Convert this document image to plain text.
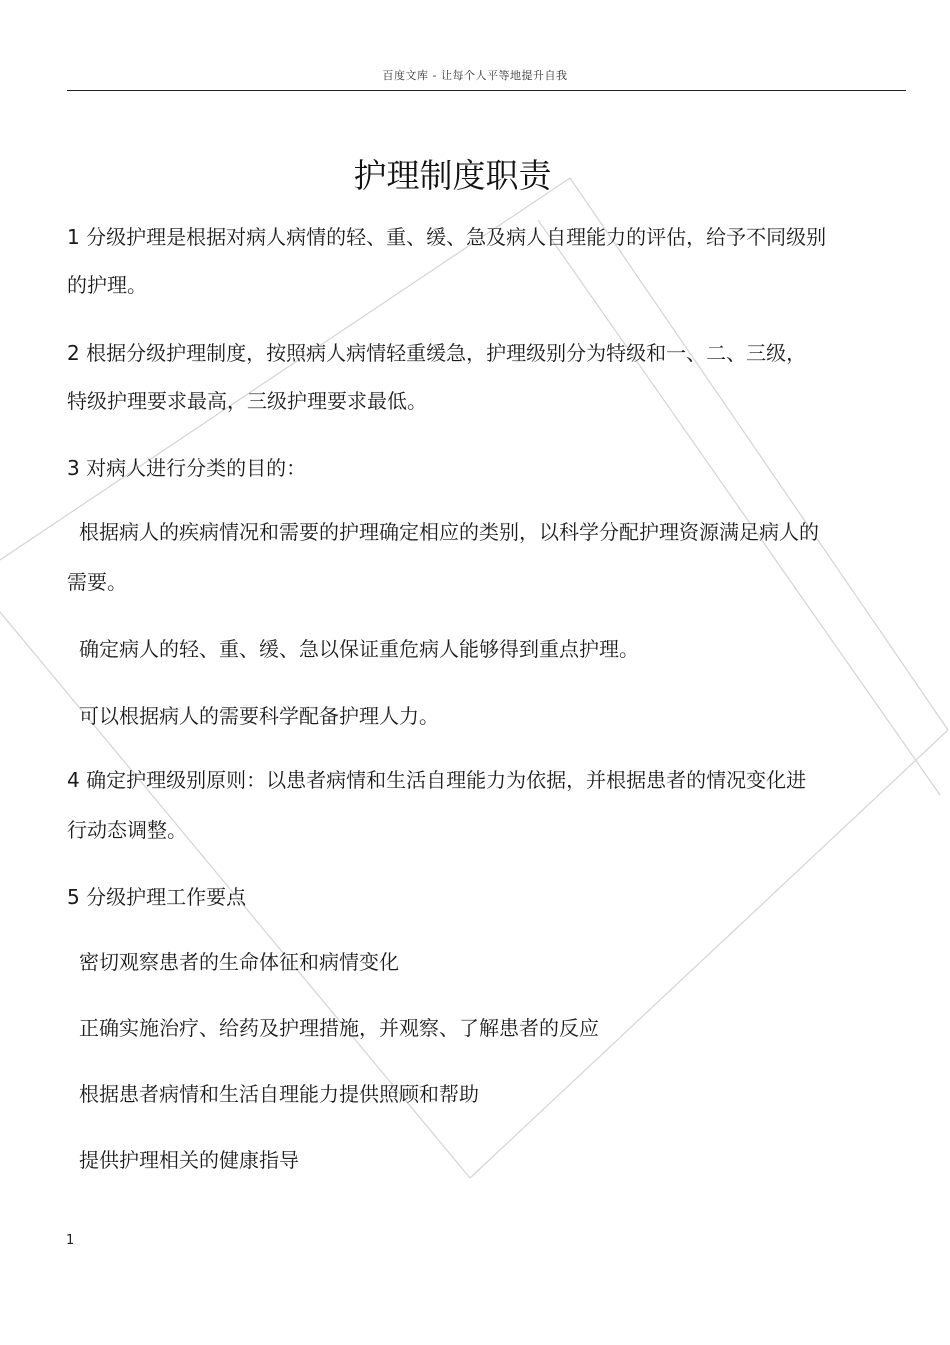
百度文库 - 让每个人平等地提升自我
护理制度职责
1 分级护理是根据对病人病情的轻、重、缓、急及病人自理能力的评估，给予不同级别
的护理。
2 根据分级护理制度，按照病人病情轻重缓急，护理级别分为特级和一、二、三级，
特级护理要求最高，三级护理要求最低。
3 对病人进行分类的目的：
根据病人的疾病情况和需要的护理确定相应的类别，以科学分配护理资源满足病人的
需要。
确定病人的轻、重、缓、急以保证重危病人能够得到重点护理。
可以根据病人的需要科学配备护理人力。
4 确定护理级别原则：以患者病情和生活自理能力为依据，并根据患者的情况变化进
行动态调整。
5 分级护理工作要点
密切观察患者的生命体征和病情变化
正确实施治疗、给药及护理措施，并观察、了解患者的反应
根据患者病情和生活自理能力提供照顾和帮助
提供护理相关的健康指导
1
